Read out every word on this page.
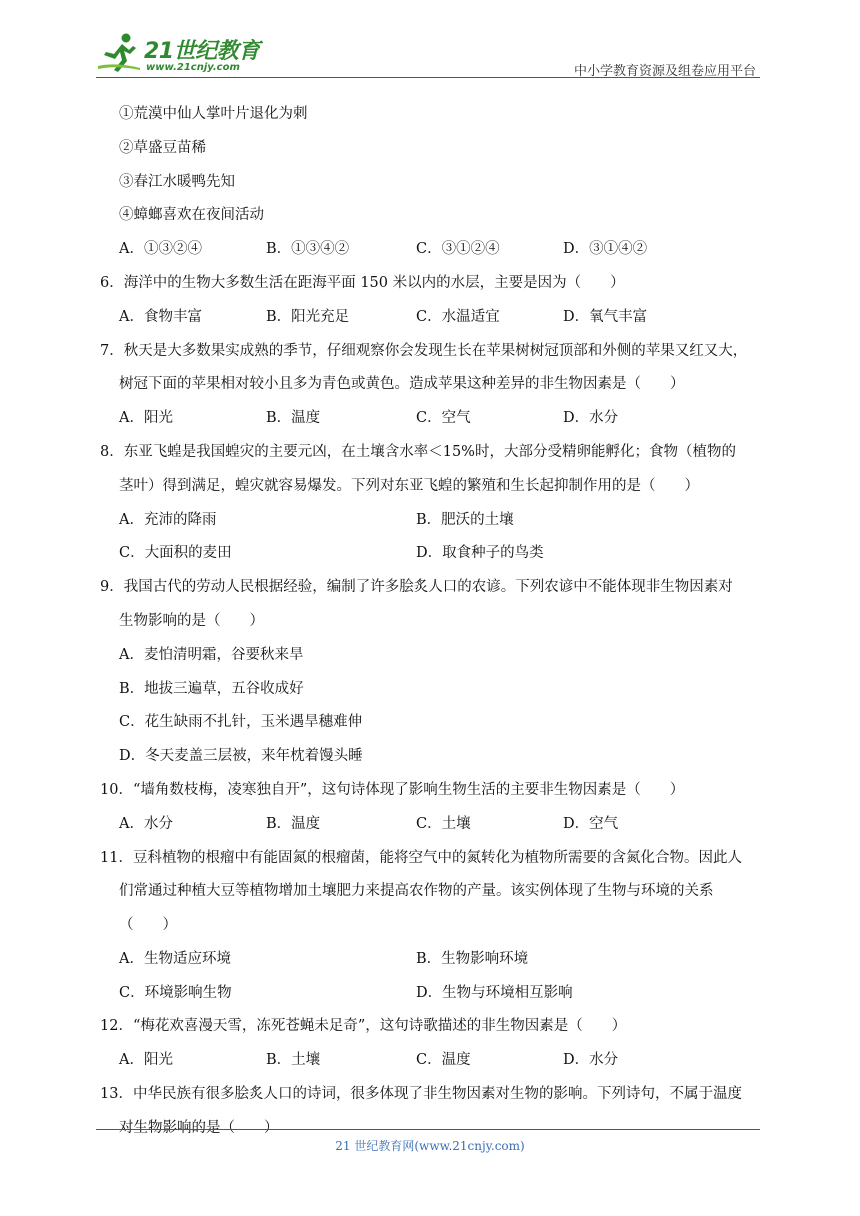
21世纪教育
www.21cnjy.com	中小学教育资源及组卷应用平台
①荒漠中仙人掌叶片退化为刺
②草盛豆苗稀
③春江水暖鸭先知
④蟑螂喜欢在夜间活动
A．①③②④	B．①③④②	C．③①②④	D．③①④②
6．海洋中的生物大多数生活在距海平面 150 米以内的水层，主要是因为（　　）
A．食物丰富	B．阳光充足	C．水温适宜	D．氧气丰富
7．秋天是大多数果实成熟的季节，仔细观察你会发现生长在苹果树树冠顶部和外侧的苹果又红又大，
树冠下面的苹果相对较小且多为青色或黄色。造成苹果这种差异的非生物因素是（　　）
A．阳光	B．温度	C．空气	D．水分
8．东亚飞蝗是我国蝗灾的主要元凶，在土壤含水率＜15%时，大部分受精卵能孵化；食物（植物的
茎叶）得到满足，蝗灾就容易爆发。下列对东亚飞蝗的繁殖和生长起抑制作用的是（　　）
A．充沛的降雨	B．肥沃的土壤
C．大面积的麦田	D．取食种子的鸟类
9．我国古代的劳动人民根据经验，编制了许多脍炙人口的农谚。下列农谚中不能体现非生物因素对
生物影响的是（　　）
A．麦怕清明霜，谷要秋来旱
B．地拔三遍草，五谷收成好
C．花生缺雨不扎针，玉米遇旱穗难伸
D．冬天麦盖三层被，来年枕着馒头睡
10．“墙角数枝梅，凌寒独自开”，这句诗体现了影响生物生活的主要非生物因素是（　　）
A．水分	B．温度	C．土壤	D．空气
11．豆科植物的根瘤中有能固氮的根瘤菌，能将空气中的氮转化为植物所需要的含氮化合物。因此人
们常通过种植大豆等植物增加土壤肥力来提高农作物的产量。该实例体现了生物与环境的关系
（　　）
A．生物适应环境	B．生物影响环境
C．环境影响生物	D．生物与环境相互影响
12．“梅花欢喜漫天雪，冻死苍蝇未足奇”，这句诗歌描述的非生物因素是（　　）
A．阳光	B．土壤	C．温度	D．水分
13．中华民族有很多脍炙人口的诗词，很多体现了非生物因素对生物的影响。下列诗句，不属于温度
对生物影响的是（　　）
21 世纪教育网(www.21cnjy.com)
